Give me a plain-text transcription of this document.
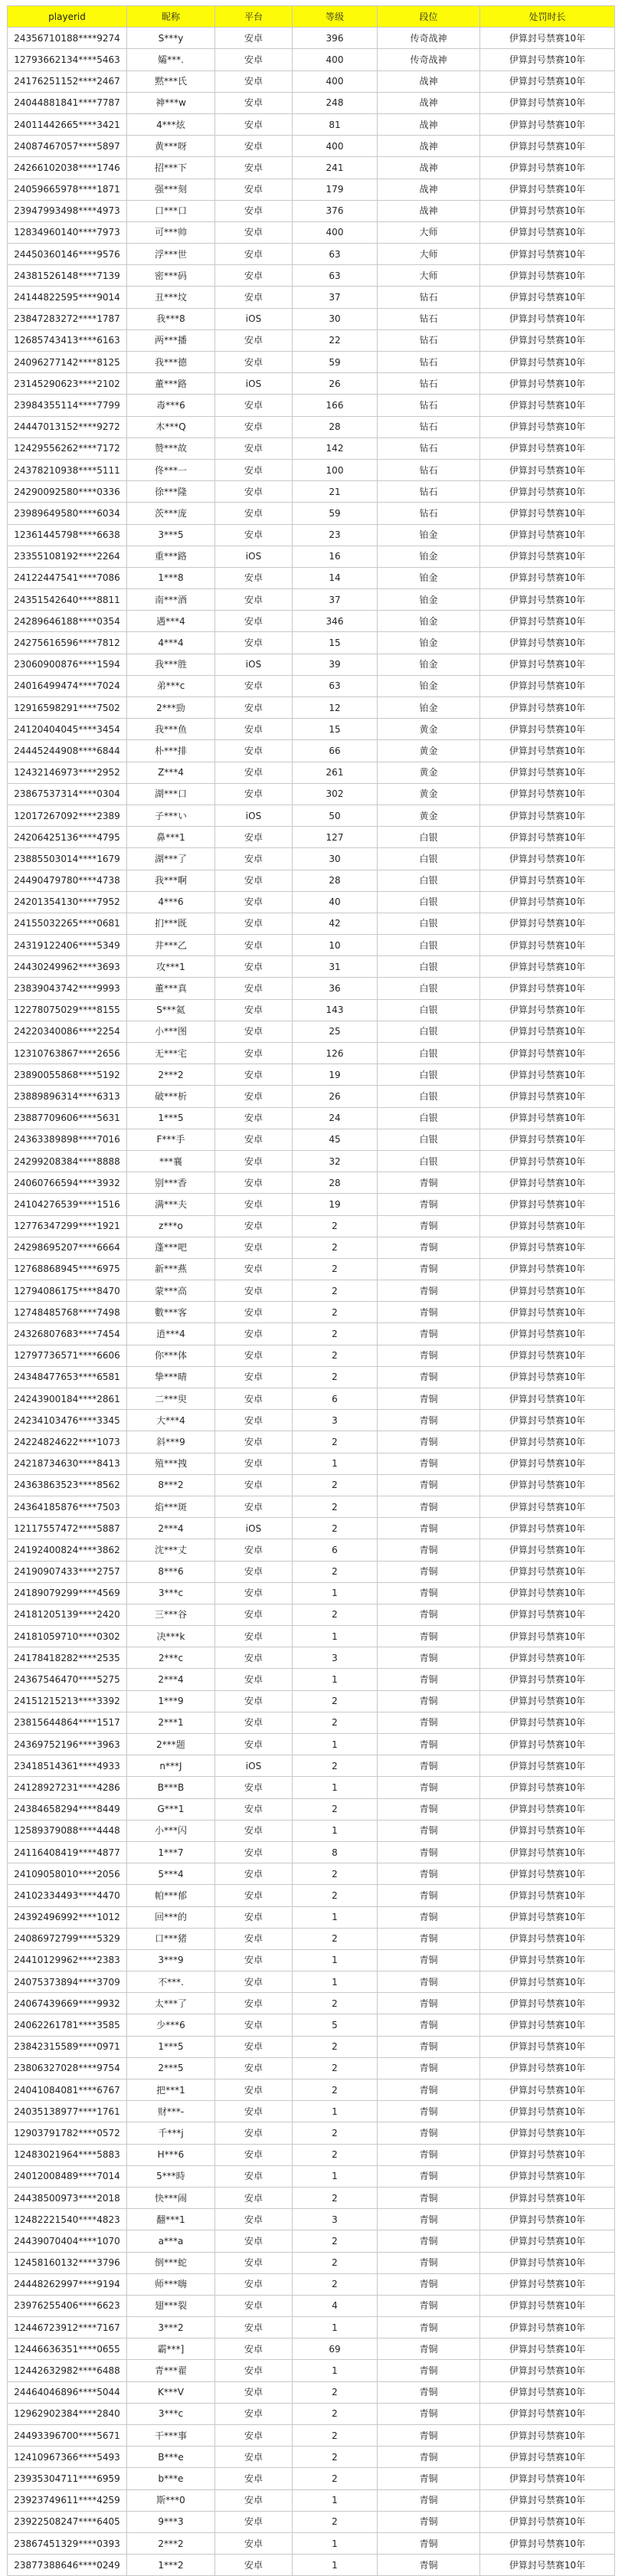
playerid	昵称	平台	等级	段位	处罚时长
24356710188****9274	S***y	安卓	396	传奇战神	伊算封号禁赛10年
12793662134****5463	孀***.	安卓	400	传奇战神	伊算封号禁赛10年
24176251152****2467	黙***氏	安卓	400	战神	伊算封号禁赛10年
24044881841****7787	神***w	安卓	248	战神	伊算封号禁赛10年
24011442665****3421	4***炫	安卓	81	战神	伊算封号禁赛10年
24087467057****5897	黄***呀	安卓	400	战神	伊算封号禁赛10年
24266102038****1746	招***下	安卓	241	战神	伊算封号禁赛10年
24059665978****1871	强***刻	安卓	179	战神	伊算封号禁赛10年
23947993498****4973	口***口	安卓	376	战神	伊算封号禁赛10年
12834960140****7973	可***帅	安卓	400	大师	伊算封号禁赛10年
24450360146****9576	浮***世	安卓	63	大师	伊算封号禁赛10年
24381526148****7139	密***码	安卓	63	大师	伊算封号禁赛10年
24144822595****9014	丑***坟	安卓	37	钻石	伊算封号禁赛10年
23847283272****1787	我***8	iOS	30	钻石	伊算封号禁赛10年
12685743413****6163	两***播	安卓	22	钻石	伊算封号禁赛10年
24096277142****8125	我***德	安卓	59	钻石	伊算封号禁赛10年
23145290623****2102	董***路	iOS	26	钻石	伊算封号禁赛10年
23984355114****7799	毒***6	安卓	166	钻石	伊算封号禁赛10年
24447013152****9272	木***Q	安卓	28	钻石	伊算封号禁赛10年
12429556262****7172	赞***故	安卓	142	钻石	伊算封号禁赛10年
24378210938****5111	佟***一	安卓	100	钻石	伊算封号禁赛10年
24290092580****0336	徐***隆	安卓	21	钻石	伊算封号禁赛10年
23989649580****6034	茨***庞	安卓	59	钻石	伊算封号禁赛10年
12361445798****6638	3***5	安卓	23	铂金	伊算封号禁赛10年
23355108192****2264	重***路	iOS	16	铂金	伊算封号禁赛10年
24122447541****7086	1***8	安卓	14	铂金	伊算封号禁赛10年
24351542640****8811	南***酒	安卓	37	铂金	伊算封号禁赛10年
24289646188****0354	遇***4	安卓	346	铂金	伊算封号禁赛10年
24275616596****7812	4***4	安卓	15	铂金	伊算封号禁赛10年
23060900876****1594	我***胜	iOS	39	铂金	伊算封号禁赛10年
24016499474****7024	弟***c	安卓	63	铂金	伊算封号禁赛10年
12916598291****7502	2***勁	安卓	12	铂金	伊算封号禁赛10年
24120404045****3454	我***鱼	安卓	15	黄金	伊算封号禁赛10年
24445244908****6844	朴***排	安卓	66	黄金	伊算封号禁赛10年
12432146973****2952	Z***4	安卓	261	黄金	伊算封号禁赛10年
23867537314****0304	湖***口	安卓	302	黄金	伊算封号禁赛10年
12017267092****2389	子***い	iOS	50	黄金	伊算封号禁赛10年
24206425136****4795	鼻***1	安卓	127	白银	伊算封号禁赛10年
23885503014****1679	湖***了	安卓	30	白银	伊算封号禁赛10年
24490479780****4738	我***啊	安卓	28	白银	伊算封号禁赛10年
24201354130****7952	4***6	安卓	40	白银	伊算封号禁赛10年
24155032265****0681	扪***既	安卓	42	白银	伊算封号禁赛10年
24319122406****5349	井***乙	安卓	10	白银	伊算封号禁赛10年
24430249962****3693	攻***1	安卓	31	白银	伊算封号禁赛10年
23839043742****9993	董***真	安卓	36	白银	伊算封号禁赛10年
12278075029****8155	S***氦	安卓	143	白银	伊算封号禁赛10年
24220340086****2254	小***图	安卓	25	白银	伊算封号禁赛10年
12310763867****2656	无***宅	安卓	126	白银	伊算封号禁赛10年
23890055868****5192	2***2	安卓	19	白银	伊算封号禁赛10年
23889896314****6313	破***析	安卓	26	白银	伊算封号禁赛10年
23887709606****5631	1***5	安卓	24	白银	伊算封号禁赛10年
24363389898****7016	F***手	安卓	45	白银	伊算封号禁赛10年
24299208384****8888	***襄	安卓	32	白银	伊算封号禁赛10年
24060766594****3932	别***香	安卓	28	青铜	伊算封号禁赛10年
24104276539****1516	满***夫	安卓	19	青铜	伊算封号禁赛10年
12776347299****1921	z***o	安卓	2	青铜	伊算封号禁赛10年
24298695207****6664	蓬***吧	安卓	2	青铜	伊算封号禁赛10年
12768868945****6975	新***燕	安卓	2	青铜	伊算封号禁赛10年
12794086175****8470	蒙***高	安卓	2	青铜	伊算封号禁赛10年
12748485768****7498	數***客	安卓	2	青铜	伊算封号禁赛10年
24326807683****7454	逍***4	安卓	2	青铜	伊算封号禁赛10年
12797736571****6606	你***体	安卓	2	青铜	伊算封号禁赛10年
24348477653****6581	挚***晴	安卓	2	青铜	伊算封号禁赛10年
24243900184****2861	二***臾	安卓	6	青铜	伊算封号禁赛10年
24234103476****3345	大***4	安卓	3	青铜	伊算封号禁赛10年
24224824622****1073	斜***9	安卓	2	青铜	伊算封号禁赛10年
24218734630****8413	殖***拽	安卓	1	青铜	伊算封号禁赛10年
24363863523****8562	8***2	安卓	2	青铜	伊算封号禁赛10年
24364185876****7503	焰***斑	安卓	2	青铜	伊算封号禁赛10年
12117557472****5887	2***4	iOS	2	青铜	伊算封号禁赛10年
24192400824****3862	沈***丈	安卓	6	青铜	伊算封号禁赛10年
24190907433****2757	8***6	安卓	2	青铜	伊算封号禁赛10年
24189079299****4569	3***c	安卓	1	青铜	伊算封号禁赛10年
24181205139****2420	三***谷	安卓	2	青铜	伊算封号禁赛10年
24181059710****0302	决***k	安卓	1	青铜	伊算封号禁赛10年
24178418282****2535	2***c	安卓	3	青铜	伊算封号禁赛10年
24367546470****5275	2***4	安卓	1	青铜	伊算封号禁赛10年
24151215213****3392	1***9	安卓	2	青铜	伊算封号禁赛10年
23815644864****1517	2***1	安卓	2	青铜	伊算封号禁赛10年
24369752196****3963	2***题	安卓	1	青铜	伊算封号禁赛10年
23418514361****4933	n***J	iOS	2	青铜	伊算封号禁赛10年
24128927231****4286	B***B	安卓	1	青铜	伊算封号禁赛10年
24384658294****8449	G***1	安卓	2	青铜	伊算封号禁赛10年
12589379088****4448	小***闪	安卓	1	青铜	伊算封号禁赛10年
24116408419****4877	1***7	安卓	8	青铜	伊算封号禁赛10年
24109058010****2056	5***4	安卓	2	青铜	伊算封号禁赛10年
24102334493****4470	帕***郁	安卓	2	青铜	伊算封号禁赛10年
24392496992****1012	回***的	安卓	1	青铜	伊算封号禁赛10年
24086972799****5329	口***猪	安卓	2	青铜	伊算封号禁赛10年
24410129962****2383	3***9	安卓	1	青铜	伊算封号禁赛10年
24075373894****3709	不***.	安卓	1	青铜	伊算封号禁赛10年
24067439669****9932	太***了	安卓	2	青铜	伊算封号禁赛10年
24062261781****3585	少***6	安卓	5	青铜	伊算封号禁赛10年
23842315589****0971	1***5	安卓	2	青铜	伊算封号禁赛10年
23806327028****9754	2***5	安卓	2	青铜	伊算封号禁赛10年
24041084081****6767	把***1	安卓	2	青铜	伊算封号禁赛10年
24035138977****1761	财***-	安卓	1	青铜	伊算封号禁赛10年
12903791782****0572	千***j	安卓	2	青铜	伊算封号禁赛10年
12483021964****5883	H***6	安卓	2	青铜	伊算封号禁赛10年
24012008489****7014	5***時	安卓	1	青铜	伊算封号禁赛10年
24438500973****2018	快***闹	安卓	2	青铜	伊算封号禁赛10年
12482221540****4823	翻***1	安卓	3	青铜	伊算封号禁赛10年
24439070404****1070	a***a	安卓	2	青铜	伊算封号禁赛10年
12458160132****3796	倒***蛇	安卓	2	青铜	伊算封号禁赛10年
24448262997****9194	师***嗨	安卓	2	青铜	伊算封号禁赛10年
23976255406****6623	翅***裂	安卓	4	青铜	伊算封号禁赛10年
12446723912****7167	3***2	安卓	1	青铜	伊算封号禁赛10年
12446636351****0655	霸***]	安卓	69	青铜	伊算封号禁赛10年
12442632982****6488	青***翟	安卓	1	青铜	伊算封号禁赛10年
24464046896****5044	K***V	安卓	2	青铜	伊算封号禁赛10年
12962902384****2840	3***c	安卓	2	青铜	伊算封号禁赛10年
24493396700****5671	干***事	安卓	2	青铜	伊算封号禁赛10年
12410967366****5493	B***e	安卓	2	青铜	伊算封号禁赛10年
23935304711****6959	b***e	安卓	2	青铜	伊算封号禁赛10年
23923749611****4259	斯***0	安卓	1	青铜	伊算封号禁赛10年
23922508247****6405	9***3	安卓	2	青铜	伊算封号禁赛10年
23867451329****0393	2***2	安卓	1	青铜	伊算封号禁赛10年
23877388646****0249	1***2	安卓	1	青铜	伊算封号禁赛10年
